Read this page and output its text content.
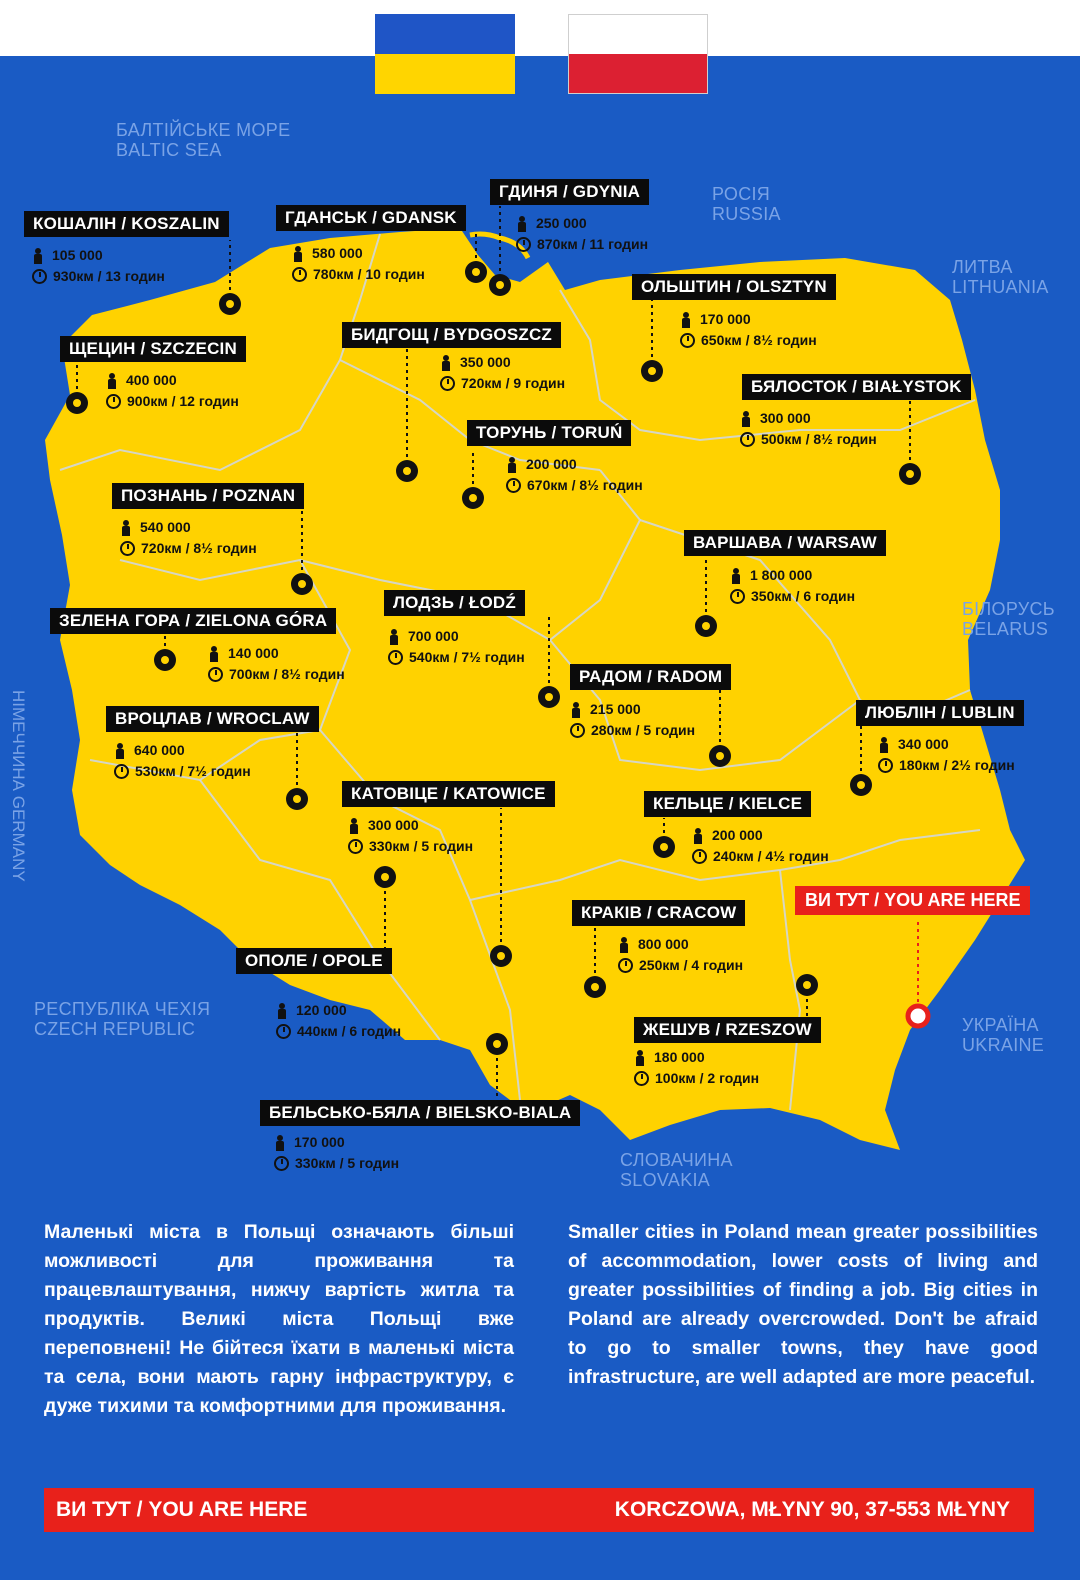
БАЛТІЙСЬКЕ МОРЕ
BALTIC SEA
РОСІЯ
RUSSIA
ЛИТВА
LITHUANIA
БІЛОРУСЬ
BELARUS
НІМЕЧЧИНА GERMANY
РЕСПУБЛІКА ЧЕХІЯ
CZECH REPUBLIC	УКРАЇНА
UKRAINE
СЛОВАЧИНА
SLOVAKIA
КОШАЛІН / KOSZALIN
105 000
930км / 13 годин
ГДАНСЬК / GDANSK
580 000
780км / 10 годин
ГДИНЯ / GDYNIA
250 000
870км / 11 годин
ОЛЬШТИН / OLSZTYN
170 000
650км / 8½ годин
ЩЕЦИН / SZCZECIN
400 000
900км / 12 годин
БИДГОЩ / BYDGOSZCZ
350 000
720км / 9 годин	БЯЛОСТОК / BIAŁYSTOK
300 000
500км / 8½ годин
ТОРУНЬ / TORUŃ
200 000
670км / 8½ годин
ПОЗНАНЬ / POZNAN
540 000
720км / 8½ годин	ВАРШАВА / WARSAW
1 800 000
350км / 6 годин
ЗЕЛЕНА ГОРА / ZIELONA GÓRA
140 000
700км / 8½ годин
ЛОДЗЬ / ŁODŹ
700 000
540км / 7½ годин
РАДОМ / RADOM
215 000
280км / 5 годин
ЛЮБЛІН / LUBLIN
340 000
180км / 2½ годин
ВРОЦЛАВ / WROCLAW
640 000
530км / 7½ годин
КАТОВІЦЕ / KATOWICE
300 000
330км / 5 годин
КЕЛЬЦЕ / KIELCE
200 000
240км / 4½ годин
КРАКІВ / CRACOW
800 000
250км / 4 годин
ОПОЛЕ / OPOLE
120 000
440км / 6 годин	ЖЕШУВ / RZESZOW
180 000
100км / 2 годин
БЕЛЬСЬКО-БЯЛА / BIELSKO-BIALA
170 000
330км / 5 годин
ВИ ТУТ / YOU ARE HERE
Маленькі міста в Польщі означають більші можливості для проживання та працевлаштування, нижчу вартість житла та продуктів. Великі міста Польщі вже переповнені! Не бійтеся їхати в маленькі міста та села, вони мають гарну інфраструктуру, є дуже тихими та комфортними для проживання.
Smaller cities in Poland mean greater possibilities of accommodation, lower costs of living and greater possibilities of finding a job. Big cities in Poland are already overcrowded. Don't be afraid to go to smaller towns, they have good infrastructure, are well adapted are more peaceful.
ВИ ТУТ / YOU ARE HERE	KORCZOWA, MŁYNY 90, 37-553 MŁYNY
